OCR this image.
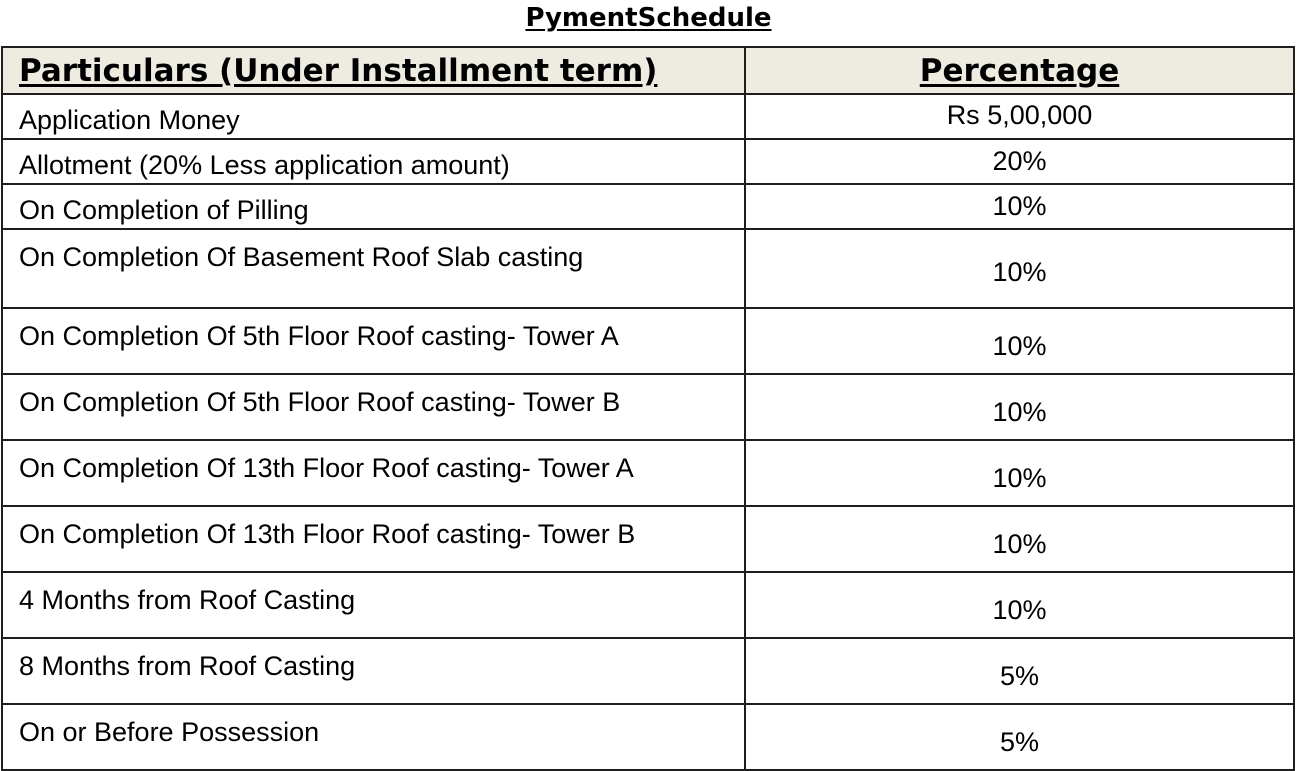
PymentSchedule
Particulars (Under Installment term)	Percentage
Application Money	Rs 5,00,000
Allotment (20% Less application amount)	20%
On Completion of Pilling	10%
On Completion Of Basement Roof Slab casting	10%
On Completion Of 5th Floor Roof casting- Tower A	10%
On Completion Of 5th Floor Roof casting- Tower B	10%
On Completion Of 13th Floor Roof casting- Tower A	10%
On Completion Of 13th Floor Roof casting- Tower B	10%
4 Months from Roof Casting	10%
8 Months from Roof Casting	5%
On or Before Possession	5%
